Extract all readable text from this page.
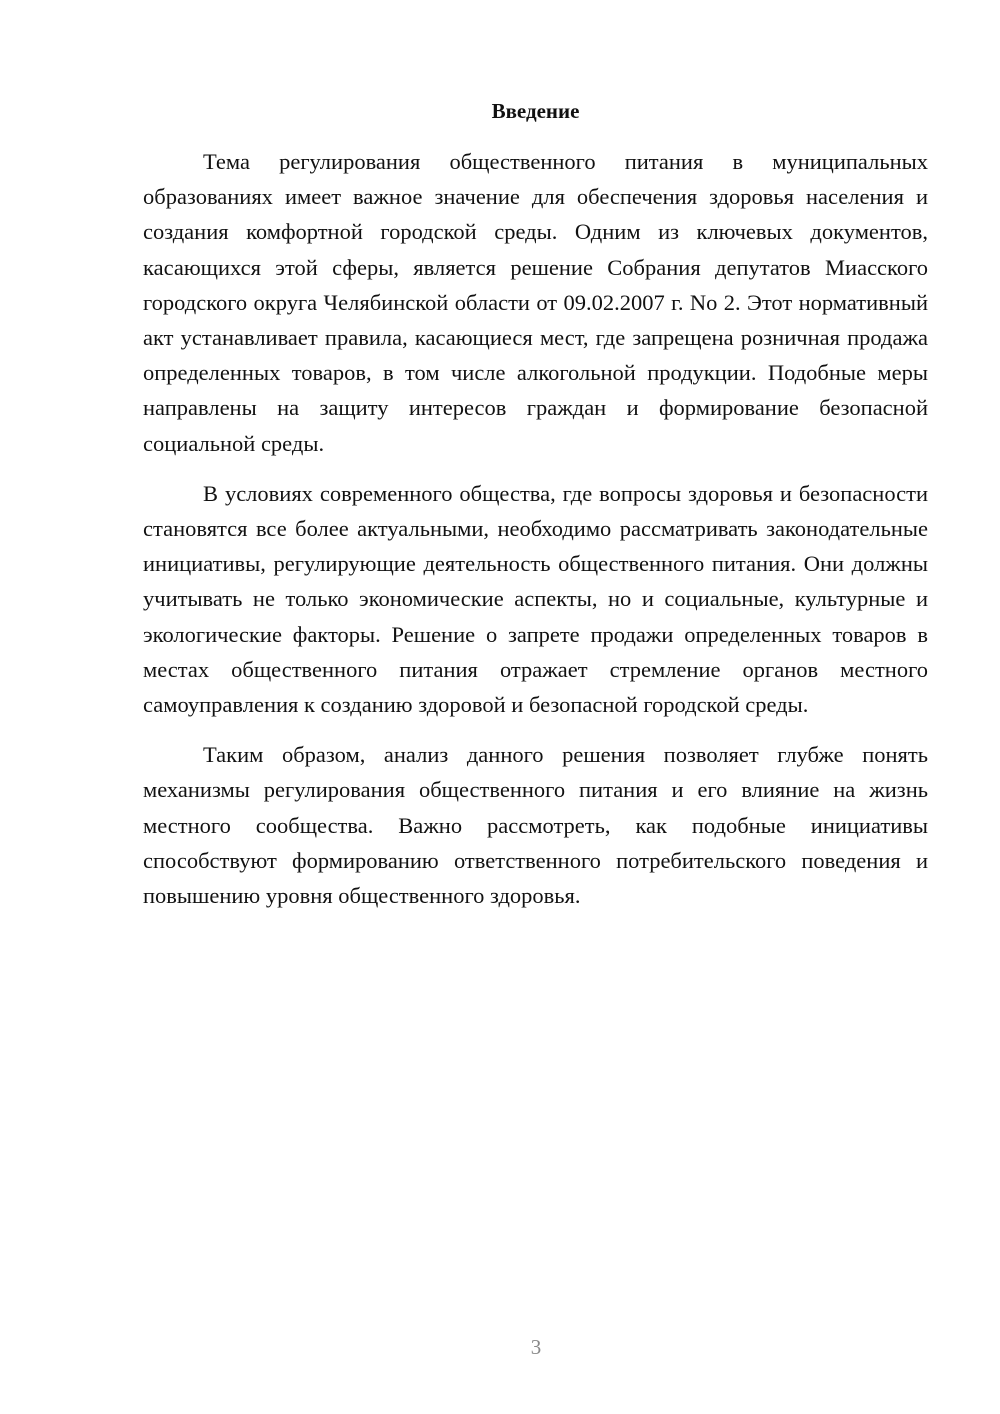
Введение

Тема регулирования общественного питания в муниципальных образованиях имеет важное значение для обеспечения здоровья населения и создания комфортной городской среды. Одним из ключевых документов, касающихся этой сферы, является решение Собрания депутатов Миасского городского округа Челябинской области от 09.02.2007 г. No 2. Этот нормативный акт устанавливает правила, касающиеся мест, где запрещена розничная продажа определенных товаров, в том числе алкогольной продукции. Подобные меры направлены на защиту интересов граждан и формирование безопасной социальной среды.

В условиях современного общества, где вопросы здоровья и безопасности становятся все более актуальными, необходимо рассматривать законодательные инициативы, регулирующие деятельность общественного питания. Они должны учитывать не только экономические аспекты, но и социальные, культурные и экологические факторы. Решение о запрете продажи определенных товаров в местах общественного питания отражает стремление органов местного самоуправления к созданию здоровой и безопасной городской среды.

Таким образом, анализ данного решения позволяет глубже понять механизмы регулирования общественного питания и его влияние на жизнь местного сообщества. Важно рассмотреть, как подобные инициативы способствуют формированию ответственного потребительского поведения и повышению уровня общественного здоровья.

3
